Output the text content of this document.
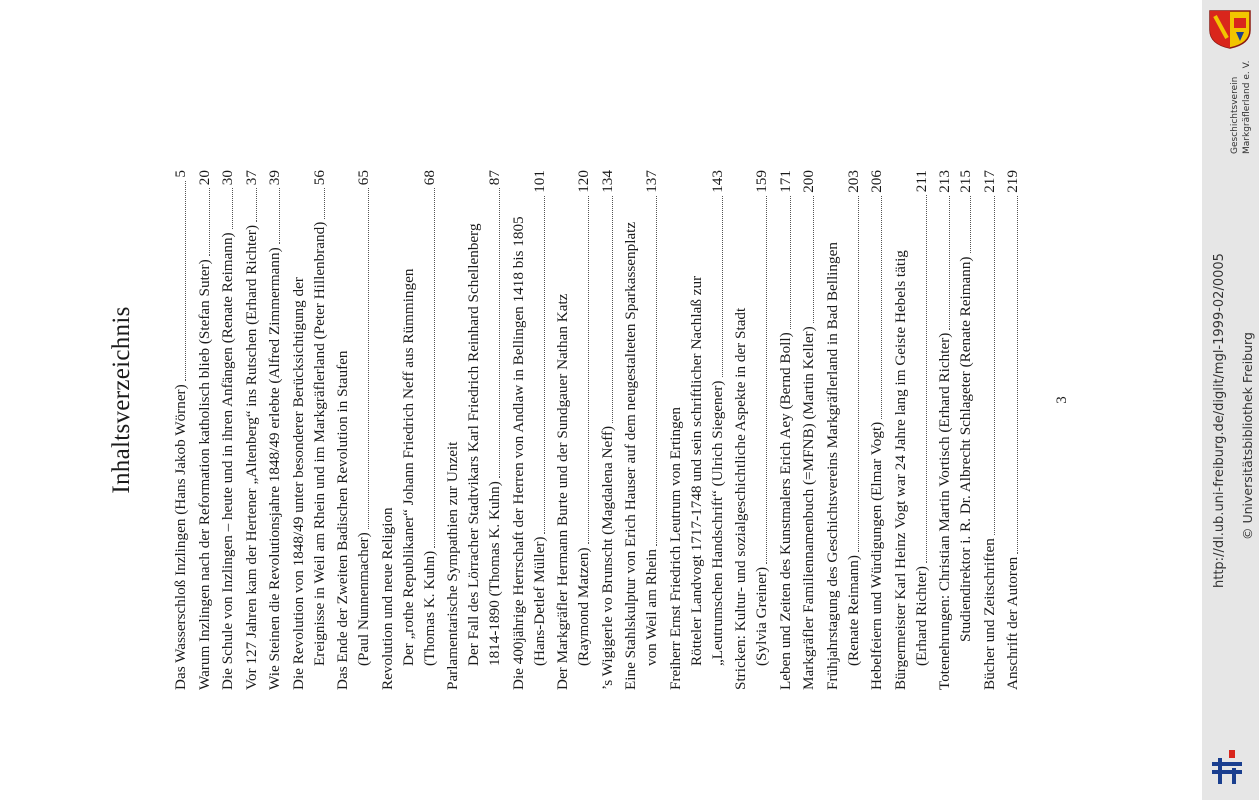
Inhaltsverzeichnis Das Wasserschloß Inzlingen (Hans Jakob Wörner)
5
Warum Inzlingen nach der Reformation katholisch blieb (Stefan Suter)
20
Die Schule von Inzlingen – heute und in ihren Anfängen (Renate Reimann)
30
Vor 127 Jahren kam der Hertener „Altenberg“ ins Rutschen (Erhard Richter)
37
Wie Steinen die Revolutionsjahre 1848/49 erlebte (Alfred Zimmermann)
39
Die Revolution von 1848/49 unter besonderer Berücksichtigung der Ereignisse in Weil am Rhein und im Markgräflerland (Peter Hillenbrand)
56
Das Ende der Zweiten Badischen Revolution in Staufen (Paul Nunnenmacher)
65
Revolution und neue Religion Der „rothe Republikaner“ Johann Friedrich Neff aus Rümmingen (Thomas K. Kuhn)
68
Parlamentarische Sympathien zur Unzeit Der Fall des Lörracher Stadtvikars Karl Friedrich Reinhard Schellenberg 1814-1890 (Thomas K. Kuhn)
87
Die 400jährige Herrschaft der Herren von Andlaw in Bellingen 1418 bis 1805 (Hans-Detlef Müller)
101
Der Markgräfler Hermann Burte und der Sundgauer Nathan Katz (Raymond Matzen)
120
’s Wigigerle vo Brunscht (Magdalena Neff)
134
Eine Stahlskulptur von Erich Hauser auf dem neugestalteten Sparkassenplatz von Weil am Rhein
137
Freiherr Ernst Friedrich Leutrum von Ertingen Rötteler Landvogt 1717-1748 und sein schriftlicher Nachlaß zur „Leutrumschen Handschrift“ (Ulrich Siegener)
143
Stricken: Kultur- und sozialgeschichtliche Aspekte in der Stadt (Sylvia Greiner)
159
Leben und Zeiten des Kunstmalers Erich Aey (Bernd Boll)
171
Markgräfler Familiennamenbuch (=MFNB) (Martin Keller)
200
Frühjahrstagung des Geschichtsvereins Markgräflerland in Bad Bellingen (Renate Reimann)
203
Hebelfeiern und Würdigungen (Elmar Vogt)
206
Bürgermeister Karl Heinz Vogt war 24 Jahre lang im Geiste Hebels tätig (Erhard Richter)
211
Totenehrungen: Christian Martin Vortisch (Erhard Richter)
213
Studiendirektor i. R. Dr. Albrecht Schlageter (Renate Reimann)
215
Bücher und Zeitschriften
217
Anschrift der Autoren
219
3	http://dl.ub.uni-freiburg.de/diglit/mgl-1999-02/0005 © Universitätsbibliothek Freiburg
Geschichtsverein Markgräflerland e. V.
